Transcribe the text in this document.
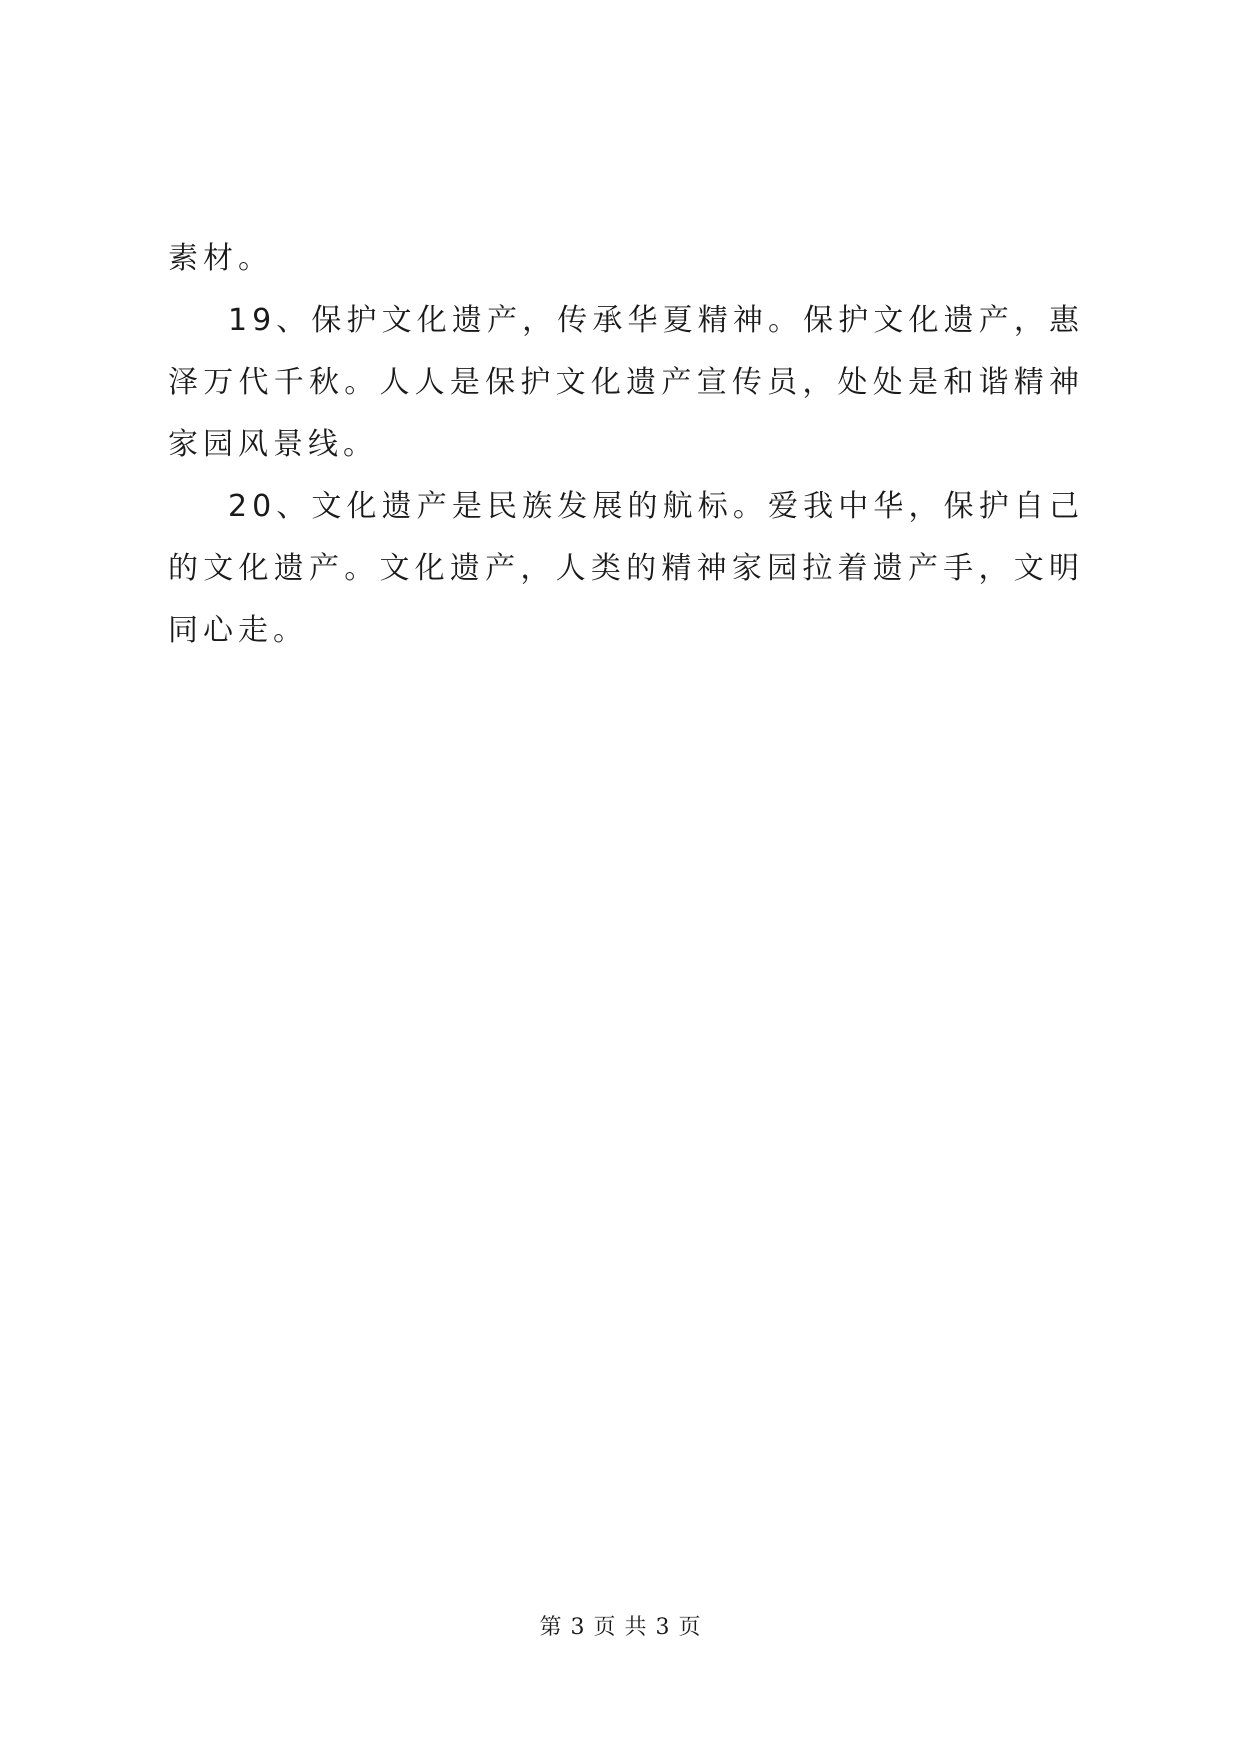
素材。

19、保护文化遗产，传承华夏精神。保护文化遗产，惠泽万代千秋。人人是保护文化遗产宣传员，处处是和谐精神家园风景线。

20、文化遗产是民族发展的航标。爱我中华，保护自己的文化遗产。文化遗产，人类的精神家园拉着遗产手，文明同心走。

第 3 页 共 3 页
